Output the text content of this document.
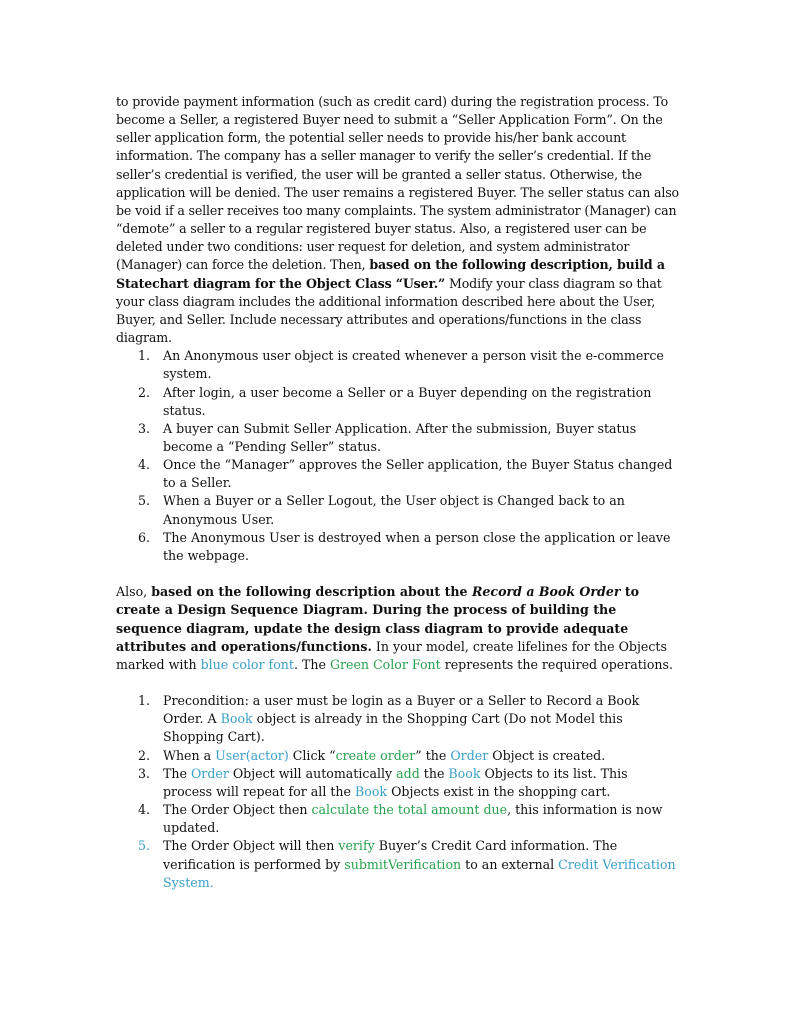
to provide payment information (such as credit card) during the registration process. To become a Seller, a registered Buyer need to submit a “Seller Application Form”. On the seller application form, the potential seller needs to provide his/her bank account information. The company has a seller manager to verify the seller’s credential. If the seller’s credential is verified, the user will be granted a seller status. Otherwise, the application will be denied. The user remains a registered Buyer. The seller status can also be void if a seller receives too many complaints. The system administrator (Manager) can “demote” a seller to a regular registered buyer status. Also, a registered user can be deleted under two conditions: user request for deletion, and system administrator (Manager) can force the deletion. Then, based on the following description, build a Statechart diagram for the Object Class “User.” Modify your class diagram so that your class diagram includes the additional information described here about the User, Buyer, and Seller. Include necessary attributes and operations/functions in the class diagram.

1. An Anonymous user object is created whenever a person visit the e-commerce system.
2. After login, a user become a Seller or a Buyer depending on the registration status.
3. A buyer can Submit Seller Application. After the submission, Buyer status become a “Pending Seller” status.
4. Once the “Manager” approves the Seller application, the Buyer Status changed to a Seller.
5. When a Buyer or a Seller Logout, the User object is Changed back to an Anonymous User.
6. The Anonymous User is destroyed when a person close the application or leave the webpage.

Also, based on the following description about the Record a Book Order to create a Design Sequence Diagram. During the process of building the sequence diagram, update the design class diagram to provide adequate attributes and operations/functions. In your model, create lifelines for the Objects marked with blue color font. The Green Color Font represents the required operations.

1. Precondition: a user must be login as a Buyer or a Seller to Record a Book Order. A Book object is already in the Shopping Cart (Do not Model this Shopping Cart).
2. When a User(actor) Click “create order” the Order Object is created.
3. The Order Object will automatically add the Book Objects to its list. This process will repeat for all the Book Objects exist in the shopping cart.
4. The Order Object then calculate the total amount due, this information is now updated.
5. The Order Object will then verify Buyer’s Credit Card information. The verification is performed by submitVerification to an external Credit Verification System.
